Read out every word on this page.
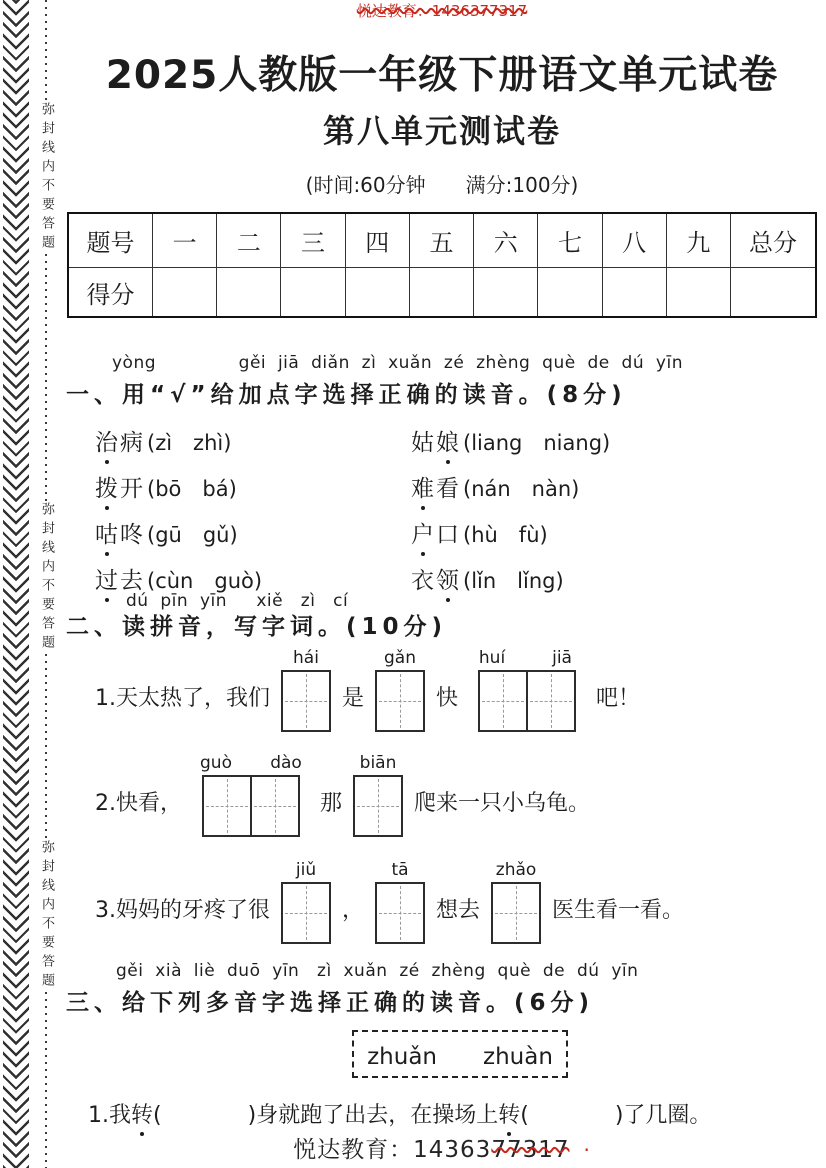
弥封线内不要答题
弥封线内不要答题
弥封线内不要答题
悦达教育：1436377317
2025人教版一年级下册语文单元试卷
第八单元测试卷
(时间:60分钟　　满分:100分)
题号	一	二	三	四	五	六	七	八	九	总分
得分
yòng              gěi  jiā  diǎn  zì  xuǎn  zé  zhèng  què  de  dú  yīn
一、用“√”给加点字选择正确的读音。(8分)
治病 (zì　zhì)	姑娘 (liang　niang)
拨开 (bō　bá)	难看 (nán　nàn)
咕咚 (gū　gǔ)	户口 (hù　fù)
过去 (cùn　guò)	衣领 (lǐn　lǐng)
dú  pīn  yīn　  xiě   zì   cí
二、读拼音，写字词。(10分)
1.天太热了，我们
hái
是
gǎn
快
huí	jiā
吧！
2.快看，
guò	dào
那
biān
爬来一只小乌龟。
3.妈妈的牙疼了很
jiǔ
，
tā
想去
zhǎo
医生看一看。
gěi  xià  liè  duō  yīn   zì  xuǎn  zé  zhèng  què  de  dú  yīn
三、给下列多音字选择正确的读音。(6分)
zhuǎn　　zhuàn
1.我转(	)身就跑了出去，在操场上转(	)了几圈。
悦达教育：1436377317 ·
